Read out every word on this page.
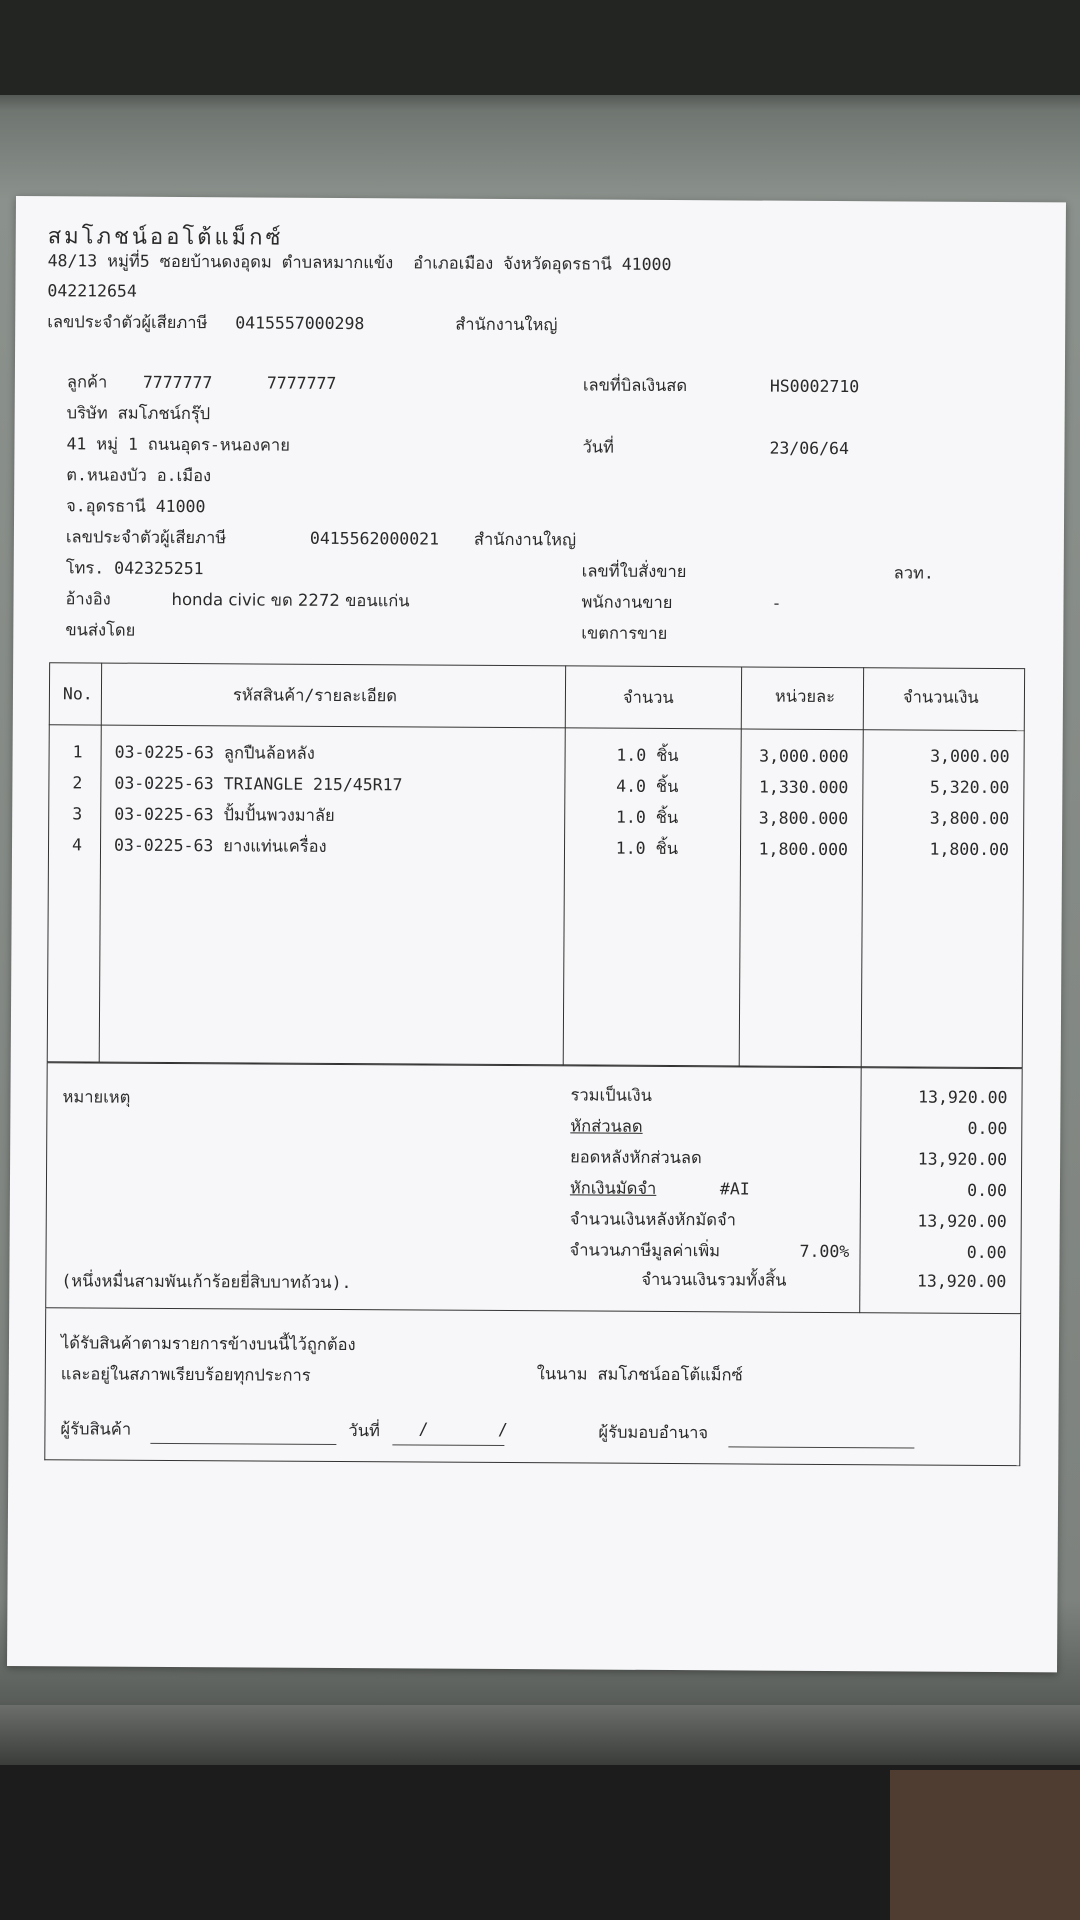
สมโภชน์ออโต้แม็กซ์
48/13 หมู่ที่5 ซอยบ้านดงอุดม ตำบลหมากแข้ง  อำเภอเมือง จังหวัดอุดรธานี 41000
042212654
เลขประจำตัวผู้เสียภาษี 0415557000298	สำนักงานใหญ่
ลูกค้า 7777777	7777777
บริษัท สมโภชน์กรุ๊ป
41 หมู่ 1 ถนนอุดร-หนองคาย
ต.หนองบัว อ.เมือง
จ.อุดรธานี 41000
เลขประจำตัวผู้เสียภาษี	0415562000021 สำนักงานใหญ่
โทร. 042325251
อ้างอิง	honda civic ขด 2272 ขอนแก่น
ขนส่งโดย
เลขที่บิลเงินสด	HS0002710
วันที่	23/06/64
เลขที่ใบสั่งขาย	ลวท.
พนักงานขาย	-
เขตการขาย
No.	รหัสสินค้า/รายละเอียด	จำนวน	หน่วยละ	จำนวนเงิน
1 03-0225-63 ลูกปืนล้อหลัง	1.0 ชิ้น	3,000.000	3,000.00
2 03-0225-63 TRIANGLE 215/45R17	4.0 ชิ้น	1,330.000	5,320.00
3 03-0225-63 ปั้มปั้นพวงมาลัย	1.0 ชิ้น	3,800.000	3,800.00
4 03-0225-63 ยางแท่นเครื่อง	1.0 ชิ้น	1,800.000	1,800.00
หมายเหตุ	รวมเป็นเงิน	13,920.00
หักส่วนลด	0.00
ยอดหลังหักส่วนลด	13,920.00
หักเงินมัดจำ	#AI	0.00
จำนวนเงินหลังหักมัดจำ	13,920.00
จำนวนภาษีมูลค่าเพิ่ม	7.00%	0.00
(หนึ่งหมื่นสามพันเก้าร้อยยี่สิบบาทถ้วน).	จำนวนเงินรวมทั้งสิ้น	13,920.00
ได้รับสินค้าตามรายการข้างบนนี้ไว้ถูกต้อง
และอยู่ในสภาพเรียบร้อยทุกประการ	ในนาม สมโภชน์ออโต้แม็กซ์
ผู้รับสินค้า	วันที่ /       /	ผู้รับมอบอำนาจ
